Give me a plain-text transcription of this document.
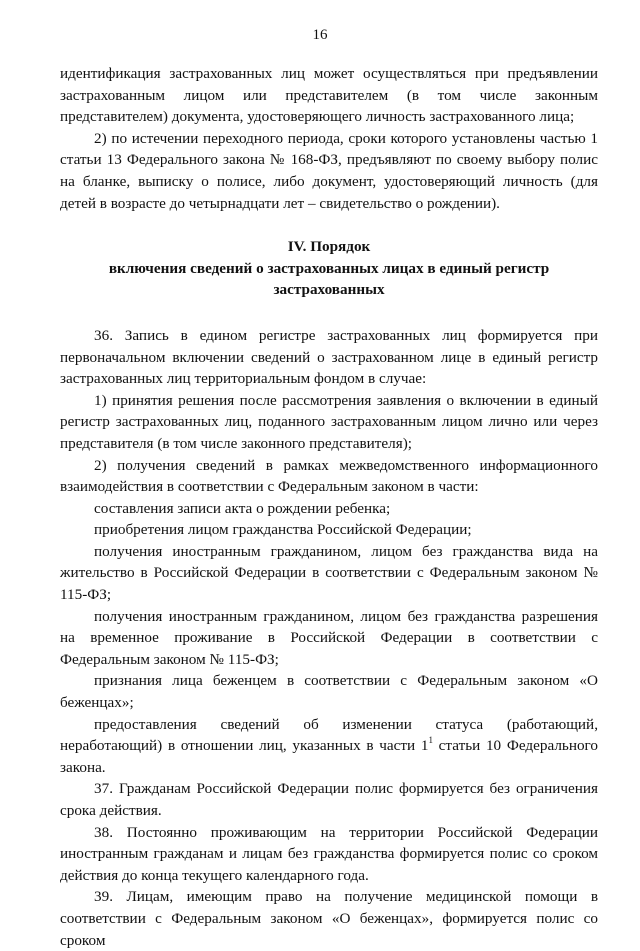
16

идентификация застрахованных лиц может осуществляться при предъявлении застрахованным лицом или представителем (в том числе законным представителем) документа, удостоверяющего личность застрахованного лица;

2) по истечении переходного периода, сроки которого установлены частью 1 статьи 13 Федерального закона № 168-ФЗ, предъявляют по своему выбору полис на бланке, выписку о полисе, либо документ, удостоверяющий личность (для детей в возрасте до четырнадцати лет – свидетельство о рождении).

IV. Порядок
включения сведений о застрахованных лицах в единый регистр
застрахованных

36. Запись в едином регистре застрахованных лиц формируется при первоначальном включении сведений о застрахованном лице в единый регистр застрахованных лиц территориальным фондом в случае:

1) принятия решения после рассмотрения заявления о включении в единый регистр застрахованных лиц, поданного застрахованным лицом лично или через представителя (в том числе законного представителя);

2) получения сведений в рамках межведомственного информационного взаимодействия в соответствии с Федеральным законом в части:

составления записи акта о рождении ребенка;

приобретения лицом гражданства Российской Федерации;

получения иностранным гражданином, лицом без гражданства вида на жительство в Российской Федерации в соответствии с Федеральным законом № 115-ФЗ;

получения иностранным гражданином, лицом без гражданства разрешения на временное проживание в Российской Федерации в соответствии с Федеральным законом № 115-ФЗ;

признания лица беженцем в соответствии с Федеральным законом «О беженцах»;

предоставления сведений об изменении статуса (работающий, неработающий) в отношении лиц, указанных в части $1^1$ статьи 10 Федерального закона.

37. Гражданам Российской Федерации полис формируется без ограничения срока действия.

38. Постоянно проживающим на территории Российской Федерации иностранным гражданам и лицам без гражданства формируется полис со сроком действия до конца текущего календарного года.

39. Лицам, имеющим право на получение медицинской помощи в соответствии с Федеральным законом «О беженцах», формируется полис со сроком
